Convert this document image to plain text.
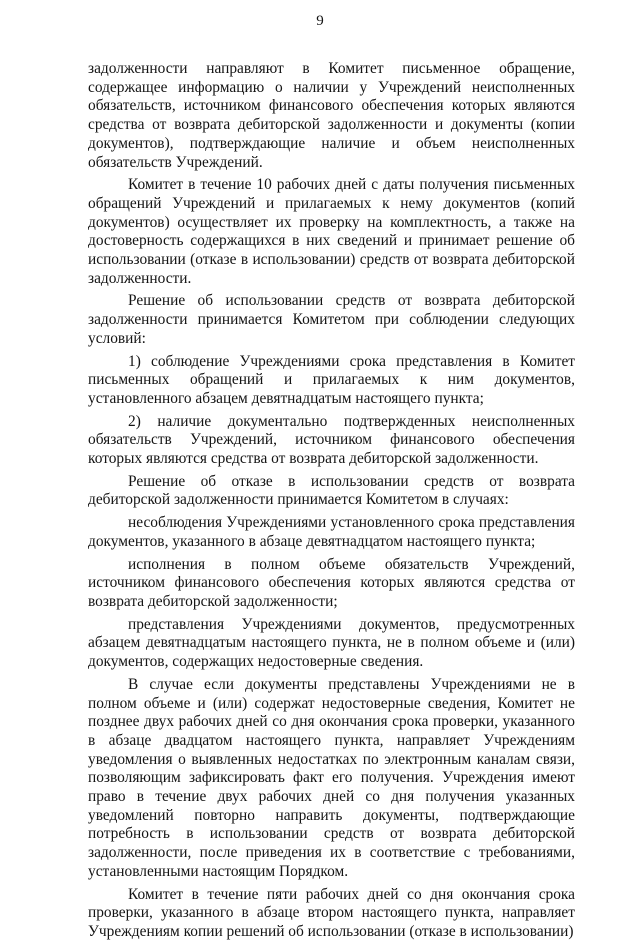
9

задолженности направляют в Комитет письменное обращение, содержащее информацию о наличии у Учреждений неисполненных обязательств, источником финансового обеспечения которых являются средства от возврата дебиторской задолженности и документы (копии документов), подтверждающие наличие и объем неисполненных обязательств Учреждений.

Комитет в течение 10 рабочих дней с даты получения письменных обращений Учреждений и прилагаемых к нему документов (копий документов) осуществляет их проверку на комплектность, а также на достоверность содержащихся в них сведений и принимает решение об использовании (отказе в использовании) средств от возврата дебиторской задолженности.

Решение об использовании средств от возврата дебиторской задолженности принимается Комитетом при соблюдении следующих условий:

1) соблюдение Учреждениями срока представления в Комитет письменных обращений и прилагаемых к ним документов, установленного абзацем девятнадцатым настоящего пункта;

2) наличие документально подтвержденных неисполненных обязательств Учреждений, источником финансового обеспечения которых являются средства от возврата дебиторской задолженности.

Решение об отказе в использовании средств от возврата дебиторской задолженности принимается Комитетом в случаях:

несоблюдения Учреждениями установленного срока представления документов, указанного в абзаце девятнадцатом настоящего пункта;

исполнения в полном объеме обязательств Учреждений, источником финансового обеспечения которых являются средства от возврата дебиторской задолженности;

представления Учреждениями документов, предусмотренных абзацем девятнадцатым настоящего пункта, не в полном объеме и (или) документов, содержащих недостоверные сведения.

В случае если документы представлены Учреждениями не в полном объеме и (или) содержат недостоверные сведения, Комитет не позднее двух рабочих дней со дня окончания срока проверки, указанного в абзаце двадцатом настоящего пункта, направляет Учреждениям уведомления о выявленных недостатках по электронным каналам связи, позволяющим зафиксировать факт его получения. Учреждения имеют право в течение двух рабочих дней со дня получения указанных уведомлений повторно направить документы, подтверждающие потребность в использовании средств от возврата дебиторской задолженности, после приведения их в соответствие с требованиями, установленными настоящим Порядком.

Комитет в течение пяти рабочих дней со дня окончания срока проверки, указанного в абзаце втором настоящего пункта, направляет Учреждениям копии решений об использовании (отказе в использовании)
